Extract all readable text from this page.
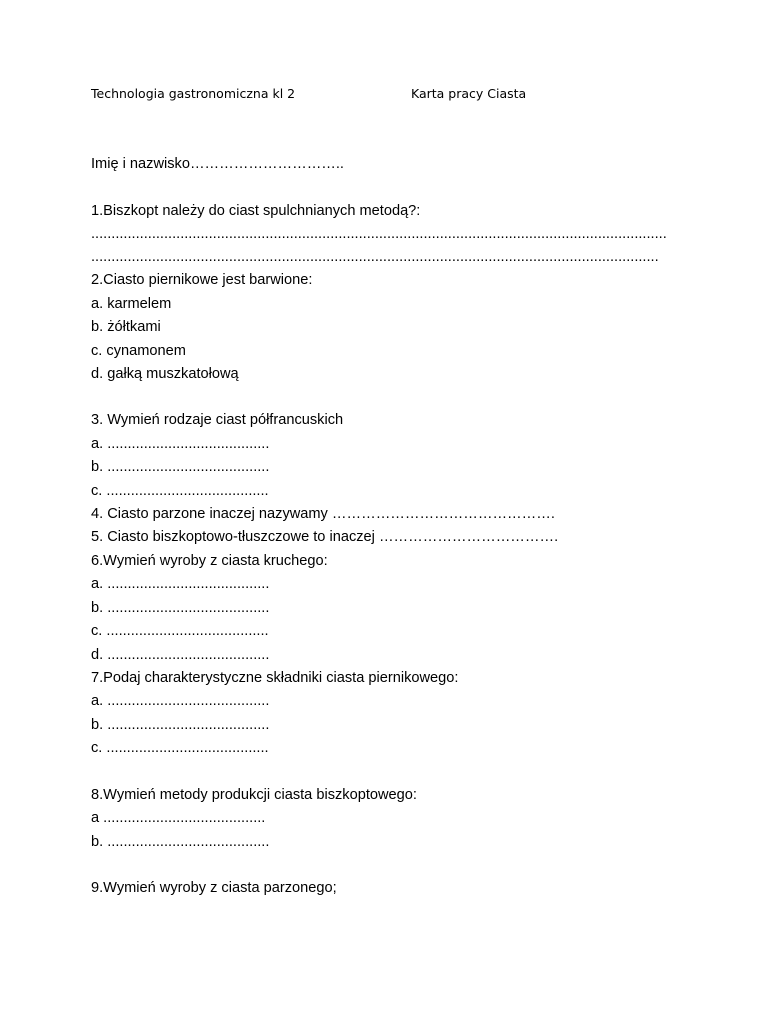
Technologia gastronomiczna kl 2	Karta pracy Ciasta
Imię i nazwisko…………………………..
1.Biszkopt należy do ciast spulchnianych metodą?:
..............................................................................................................................................
............................................................................................................................................
2.Ciasto piernikowe jest barwione:
a. karmelem
b. żółtkami
c. cynamonem
d. gałką muszkatołową
3. Wymień rodzaje ciast półfrancuskich
a. ........................................
b. ........................................
c. ........................................
4. Ciasto parzone inaczej nazywamy ……………………………………….
5. Ciasto biszkoptowo-tłuszczowe to inaczej ……………………………….
6.Wymień wyroby z ciasta kruchego:
a. ........................................
b. ........................................
c. ........................................
d. ........................................
7.Podaj charakterystyczne składniki ciasta piernikowego:
a. ........................................
b. ........................................
c. ........................................
8.Wymień metody produkcji ciasta biszkoptowego:
a ........................................
b. ........................................
9.Wymień wyroby z ciasta parzonego;
